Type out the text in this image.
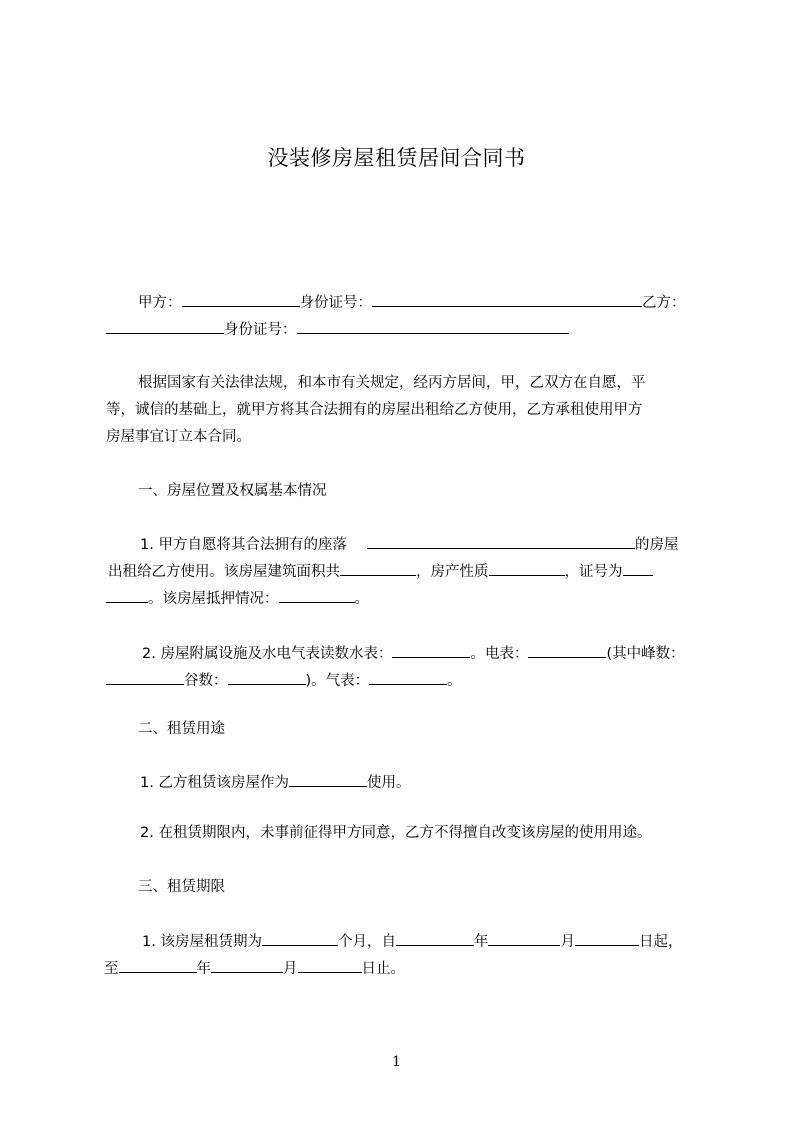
没装修房屋租赁居间合同书
甲方：	身份证号：	乙方：
身份证号：
根据国家有关法律法规，和本市有关规定，经丙方居间，甲，乙双方在自愿，平
等，诚信的基础上，就甲方将其合法拥有的房屋出租给乙方使用，乙方承租使用甲方
房屋事宜订立本合同。
一、房屋位置及权属基本情况
1. 甲方自愿将其合法拥有的座落	的房屋
出租给乙方使用。该房屋建筑面积共	，房产性质	，证号为
。该房屋抵押情况：	。
2. 房屋附属设施及水电气表读数水表：	。电表：	(其中峰数：
谷数：	)。气表：	。
二、租赁用途
1. 乙方租赁该房屋作为	使用。
2. 在租赁期限内，未事前征得甲方同意，乙方不得擅自改变该房屋的使用用途。
三、租赁期限
1. 该房屋租赁期为	个月，自	年	月	日起，
至	年	月	日止。
1
